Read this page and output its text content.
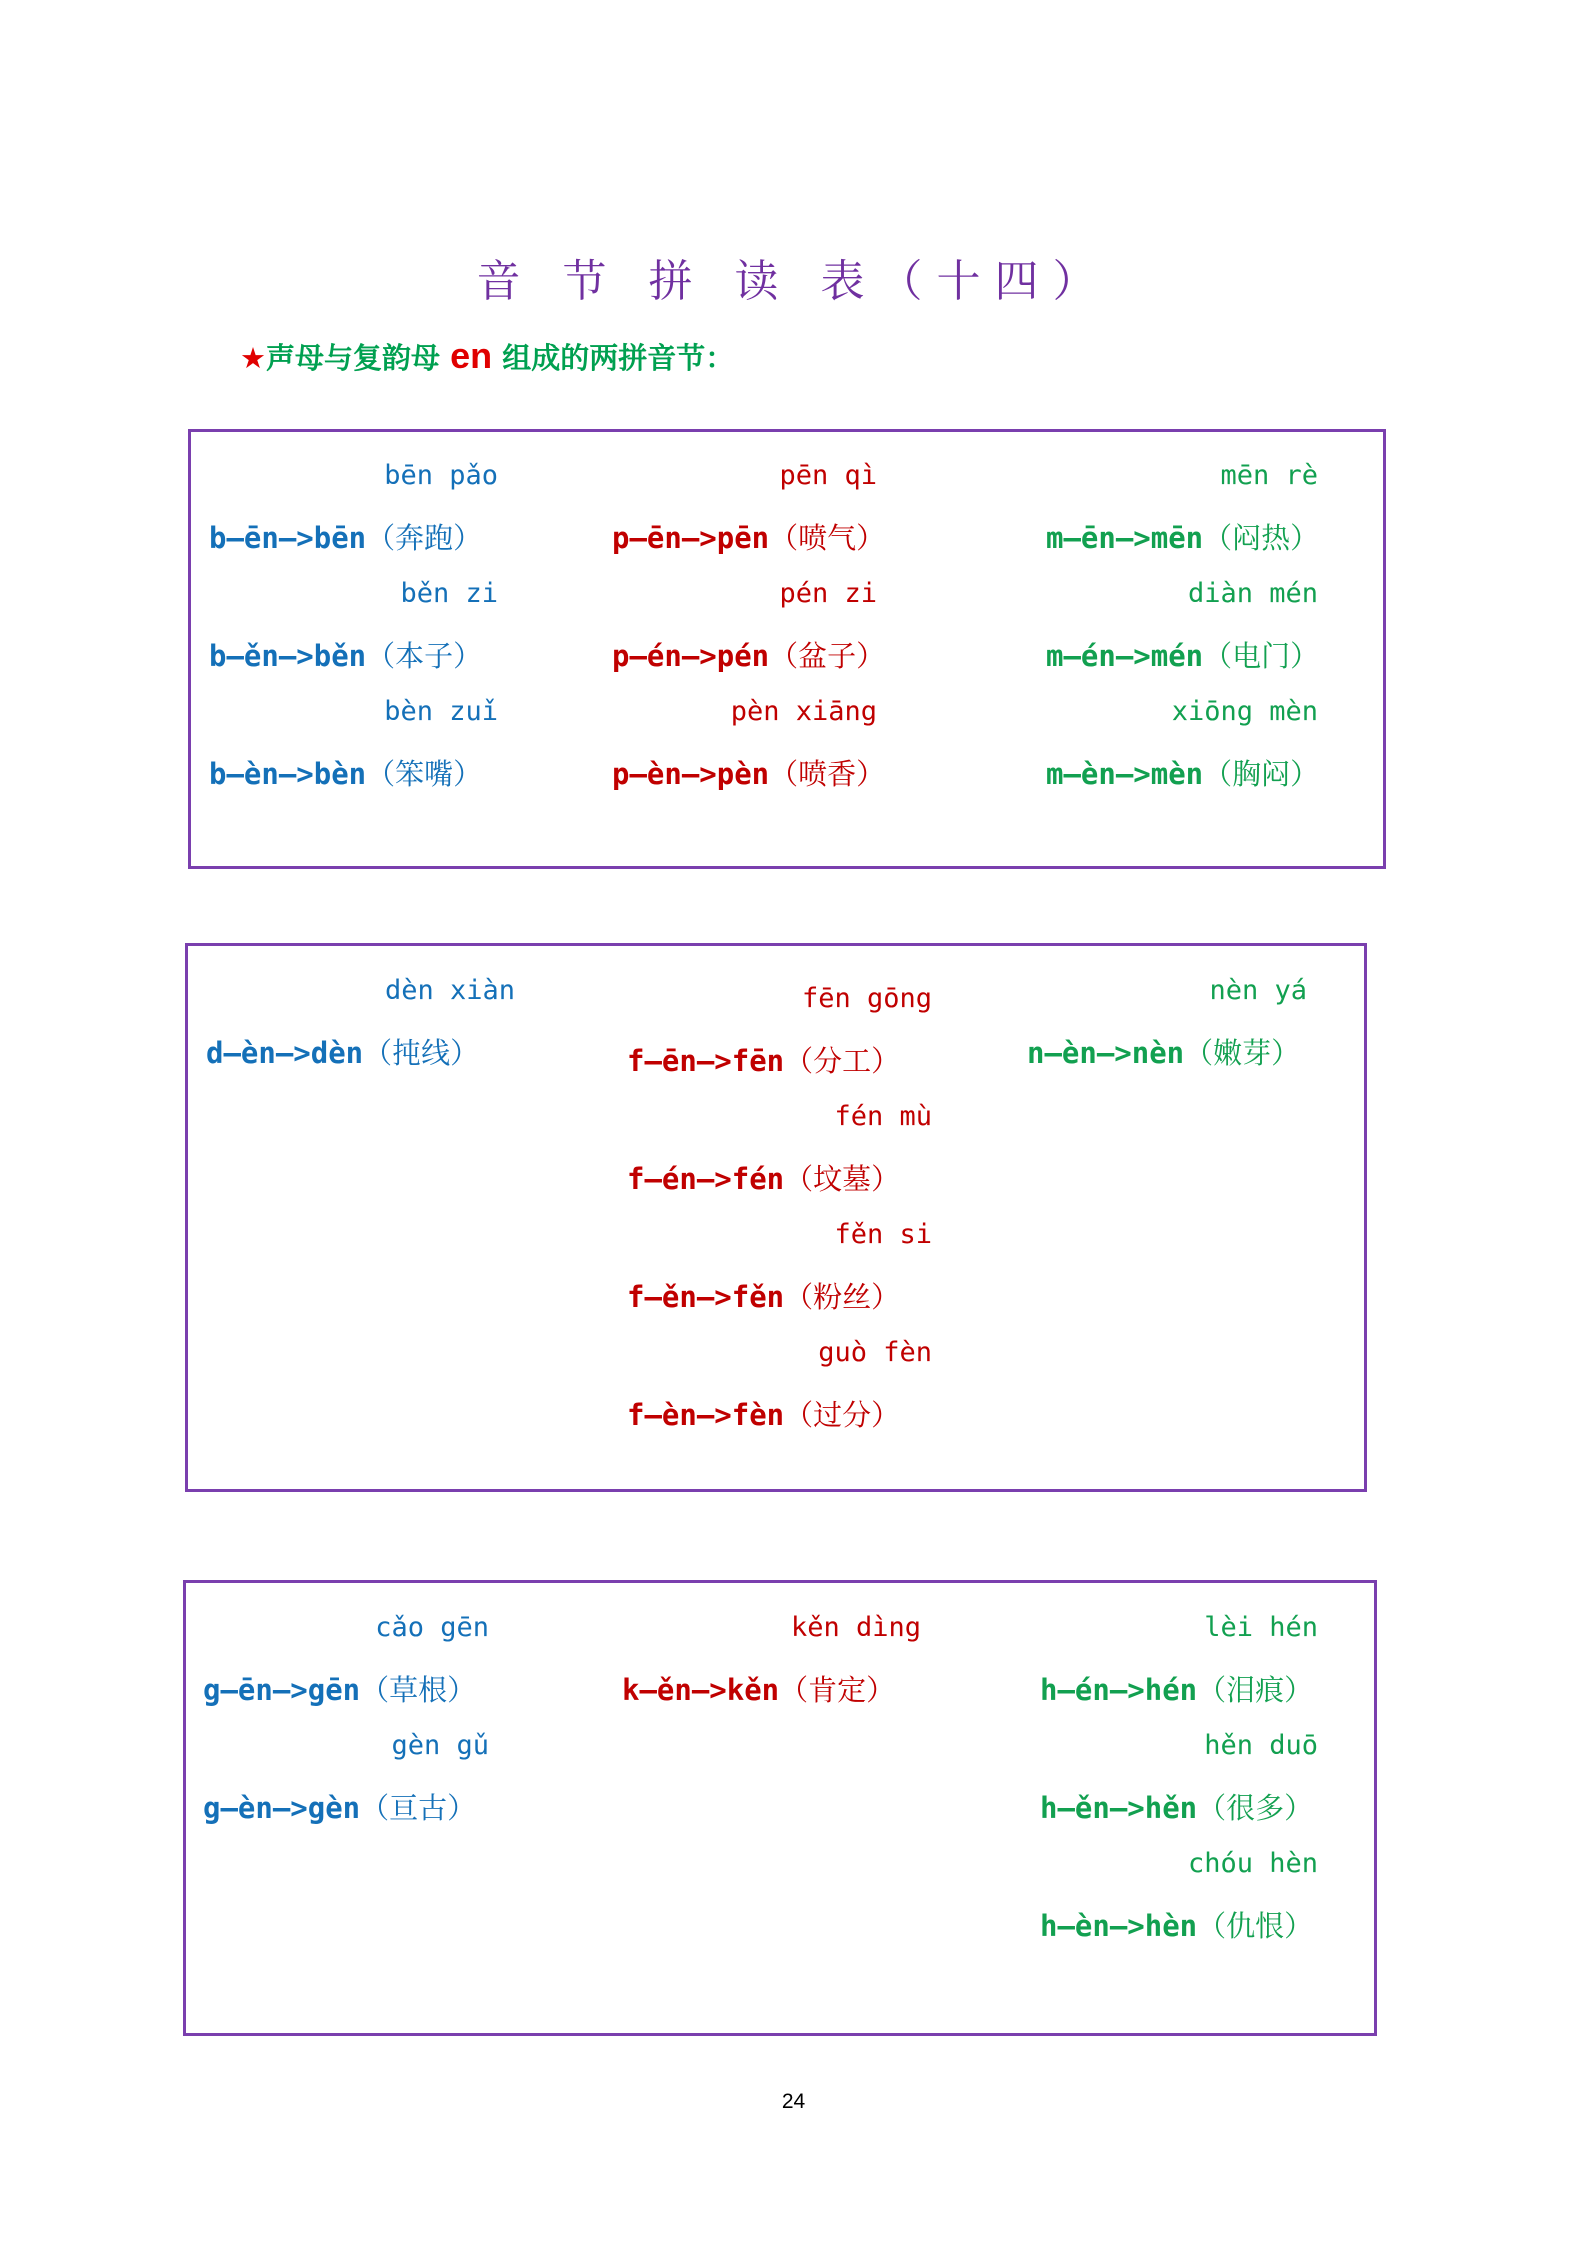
音 节 拼 读 表（十四）
★声母与复韵母 en 组成的两拼音节：
bēn pǎo
b—ēn—>bēn（奔跑）
běn zi
b—ěn—>běn（本子）
bèn zuǐ
b—èn—>bèn（笨嘴）
pēn qì
p—ēn—>pēn（喷气）
pén zi
p—én—>pén（盆子）
pèn xiāng
p—èn—>pèn（喷香）
mēn rè
m—ēn—>mēn（闷热）
diàn mén
m—én—>mén（电门）
xiōng mèn
m—èn—>mèn（胸闷）
dèn xiàn
d—èn—>dèn（扽线）
fēn gōng
f—ēn—>fēn（分工）
fén mù
f—én—>fén（坟墓）
fěn si
f—ěn—>fěn（粉丝）
guò fèn
f—èn—>fèn（过分）
nèn yá
n—èn—>nèn（嫩芽）
cǎo gēn
g—ēn—>gēn（草根）
gèn gǔ
g—èn—>gèn（亘古）
kěn dìng
k—ěn—>kěn（肯定）
lèi hén
h—én—>hén（泪痕）
hěn duō
h—ěn—>hěn（很多）
chóu hèn
h—èn—>hèn（仇恨）
24
